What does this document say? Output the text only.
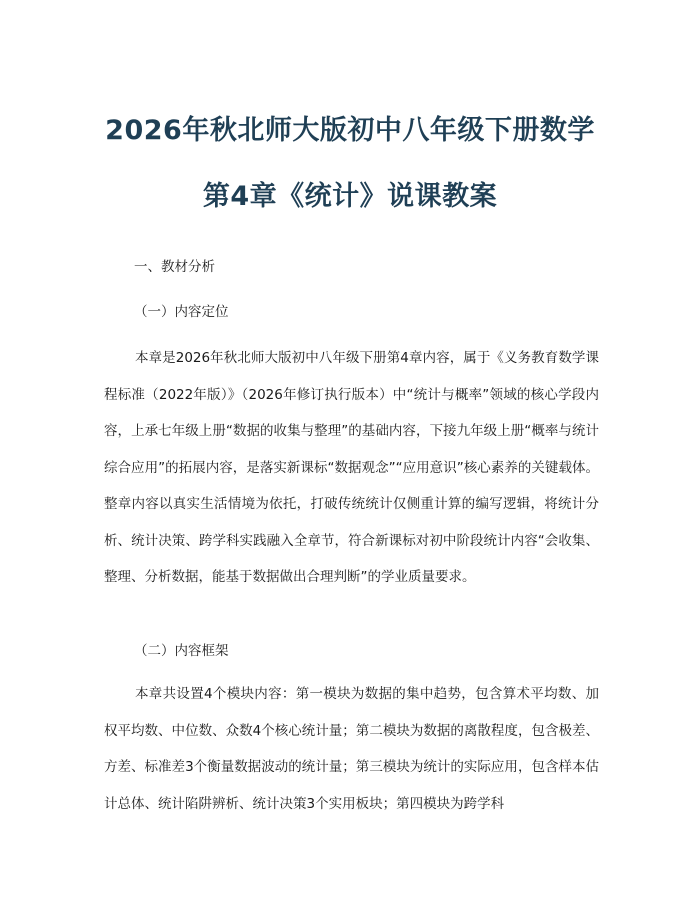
2026年秋北师大版初中八年级下册数学
第4章《统计》说课教案
一、教材分析
（一）内容定位
本章是2026年秋北师大版初中八年级下册第4章内容，属于《义务教育数学课程标准（2022年版）》（2026年修订执行版本）中“统计与概率”领域的核心学段内容，上承七年级上册“数据的收集与整理”的基础内容，下接九年级上册“概率与统计综合应用”的拓展内容，是落实新课标“数据观念”“应用意识”核心素养的关键载体。整章内容以真实生活情境为依托，打破传统统计仅侧重计算的编写逻辑，将统计分析、统计决策、跨学科实践融入全章节，符合新课标对初中阶段统计内容“会收集、整理、分析数据，能基于数据做出合理判断”的学业质量要求。
（二）内容框架
本章共设置4个模块内容：第一模块为数据的集中趋势，包含算术平均数、加权平均数、中位数、众数4个核心统计量；第二模块为数据的离散程度，包含极差、方差、标准差3个衡量数据波动的统计量；第三模块为统计的实际应用，包含样本估计总体、统计陷阱辨析、统计决策3个实用板块；第四模块为跨学科
